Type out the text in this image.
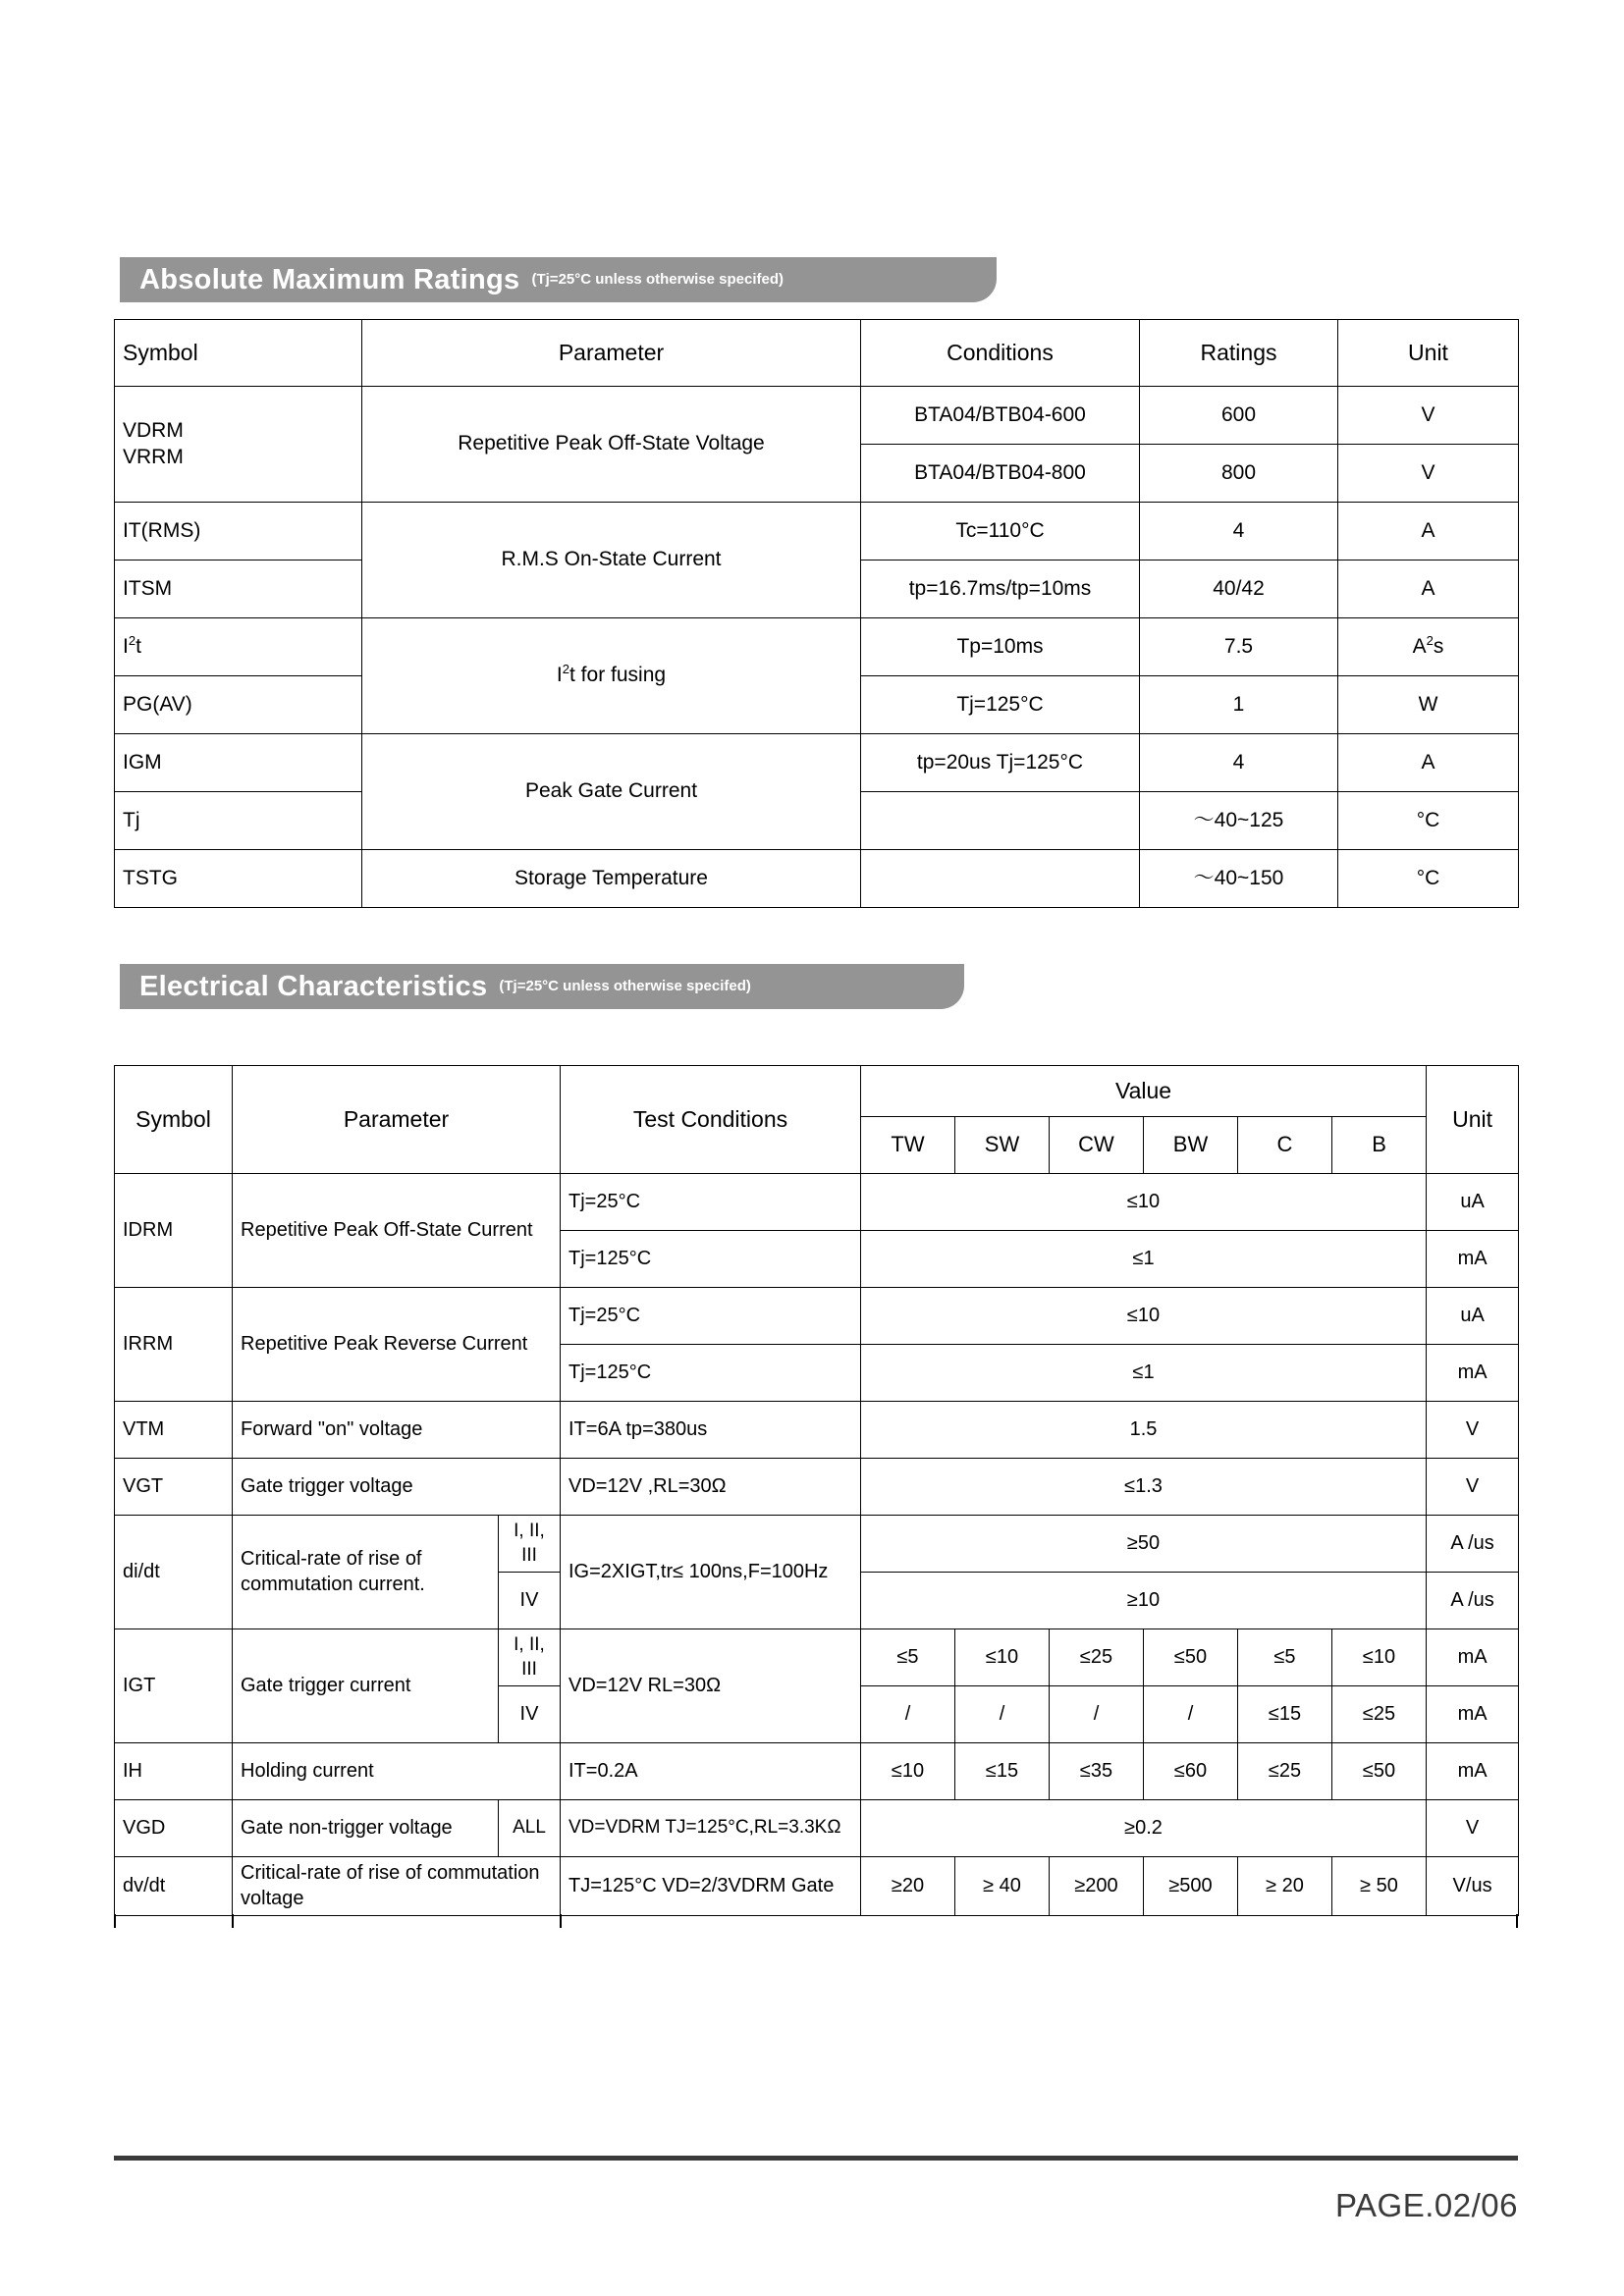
Absolute Maximum Ratings (Tj=25°C unless otherwise specifed)
Symbol	Parameter	Conditions	Ratings	Unit

VDRM
VRRM	Repetitive Peak Off-State Voltage	BTA04/BTB04-600	600	V
		BTA04/BTB04-800	800	V
IT(RMS)	R.M.S On-State Current	Tc=110°C	4	A
ITSM		tp=16.7ms/tp=10ms	40/42	A
$I^2t$	$I^2t$ for fusing	Tp=10ms	7.5	$A^2s$
PG(AV)		Tj=125°C	1	W
IGM	Peak Gate Current	tp=20us Tj=125°C	4	A
Tj			～40~125	°C
TSTG	Storage Temperature		～40~150	°C
Electrical Characteristics (Tj=25°C unless otherwise specifed)
Symbol	Parameter		Test Conditions	Value						Unit
				TW	SW	CW	BW	C	B	
IDRM	Repetitive Peak Off-State Current		Tj=25°C	≤10						uA
			Tj=125°C	≤1						mA
IRRM	Repetitive Peak Reverse Current		Tj=25°C	≤10						uA
			Tj=125°C	≤1						mA
VTM	Forward "on" voltage		IT=6A tp=380us	1.5						V
VGT	Gate trigger voltage		VD=12V ,RL=30Ω	≤1.3						V
di/dt	Critical-rate of rise of commutation current.	I, II, III	IG=2XIGT,tr≤ 100ns,F=100Hz	≥50						A /us
		IV		≥10						A /us
IGT	Gate trigger current	I, II, III	VD=12V RL=30Ω	≤5	≤10	≤25	≤50	≤5	≤10	mA
		IV		/	/	/	/	≤15	≤25	mA
IH	Holding current		IT=0.2A	≤10	≤15	≤35	≤60	≤25	≤50	mA
VGD	Gate non-trigger voltage	ALL	VD=VDRM TJ=125°C,RL=3.3KΩ	≥0.2						V
dv/dt	Critical-rate of rise of commutation voltage		TJ=125°C VD=2/3VDRM Gate	≥20	≥ 40	≥200	≥500	≥ 20	≥ 50	V/us
PAGE.02/06
